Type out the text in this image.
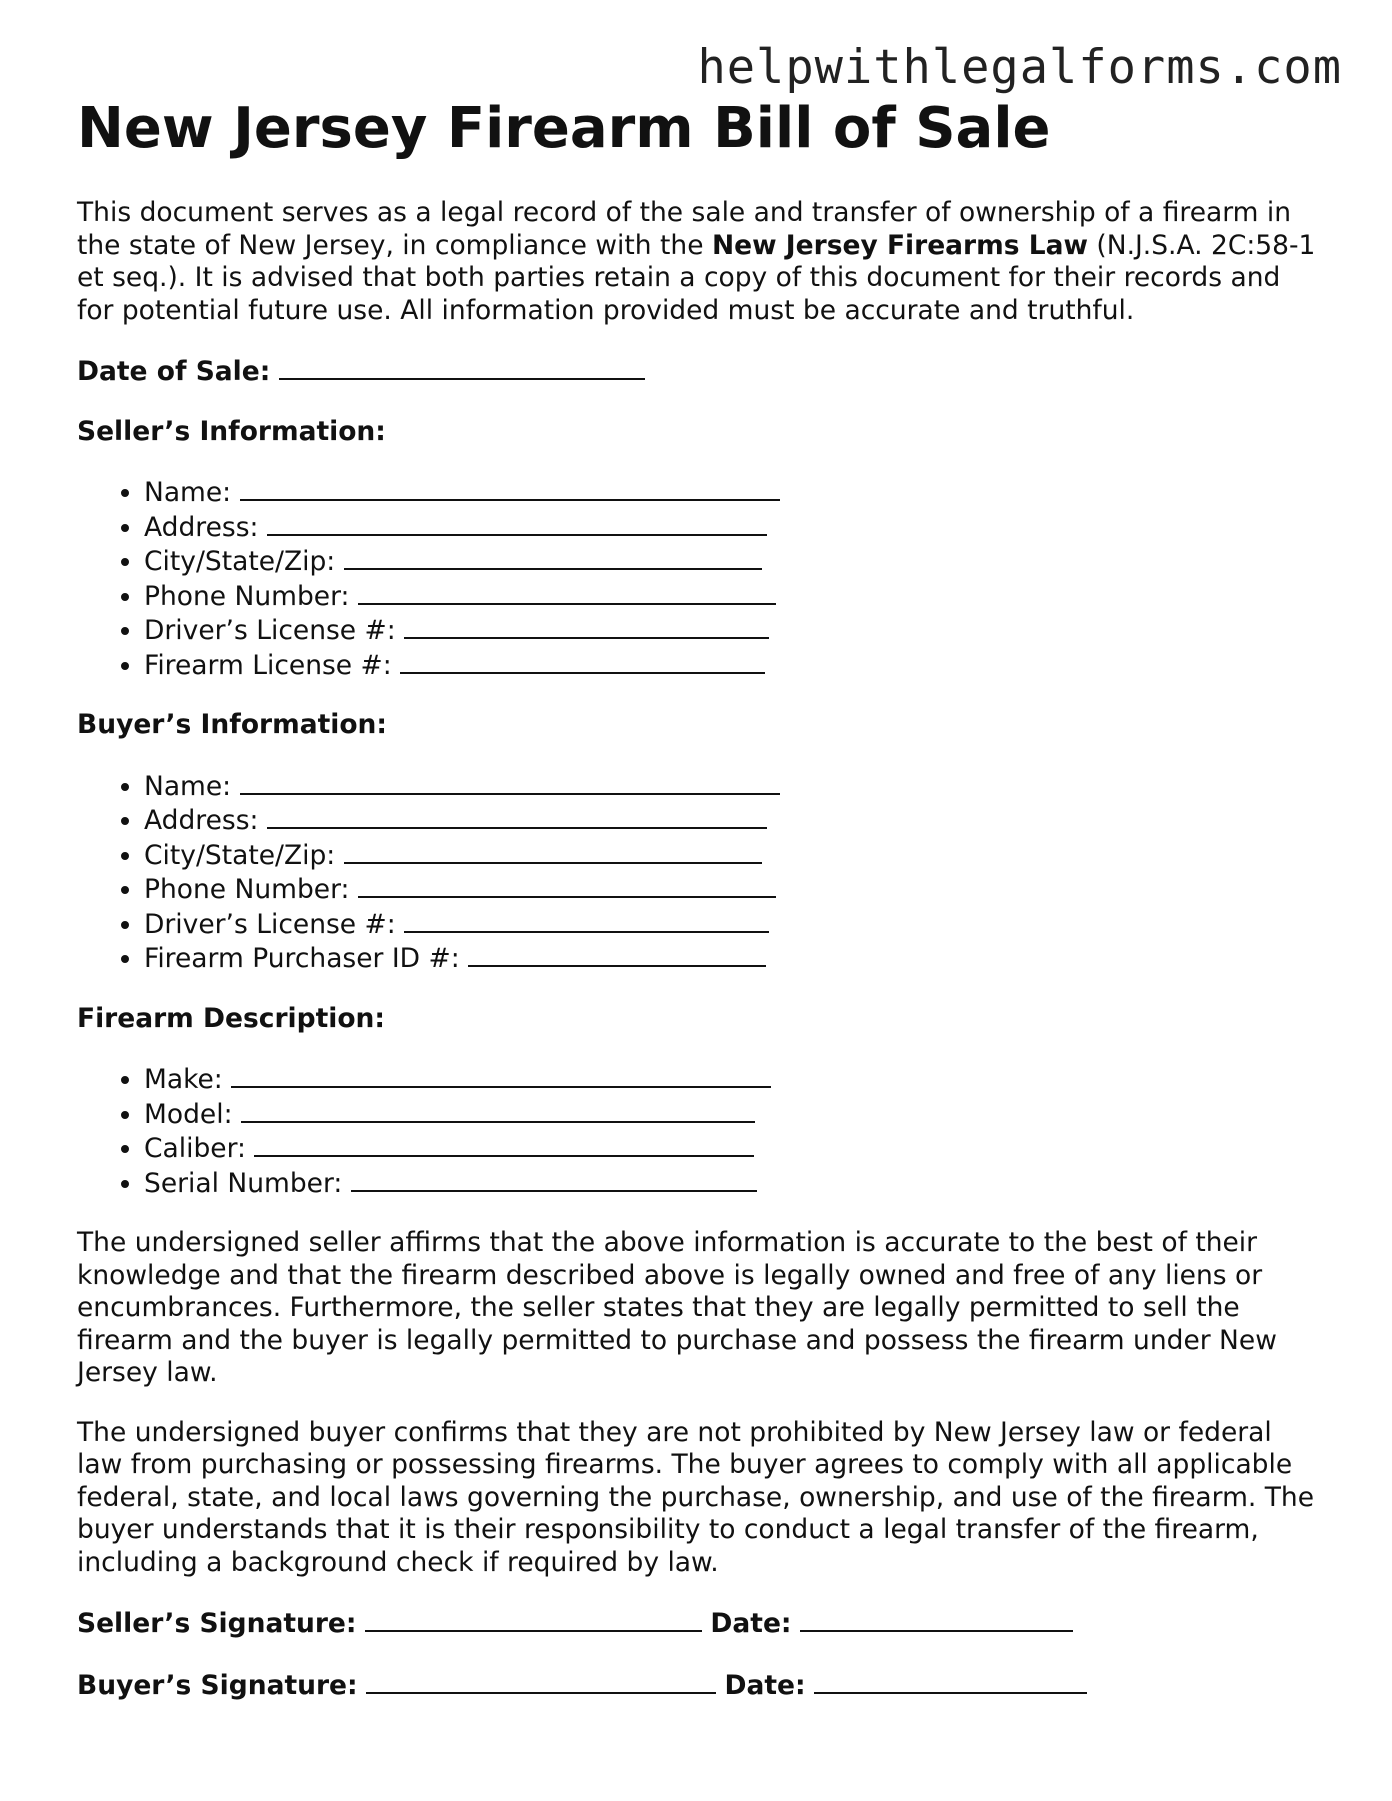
helpwithlegalforms.com
New Jersey Firearm Bill of Sale

This document serves as a legal record of the sale and transfer of ownership of a firearm in the state of New Jersey, in compliance with the New Jersey Firearms Law (N.J.S.A. 2C:58-1 et seq.). It is advised that both parties retain a copy of this document for their records and for potential future use. All information provided must be accurate and truthful.

Date of Sale:
Seller’s Information:
• Name:
• Address:
• City/State/Zip:
• Phone Number:
• Driver’s License #:
• Firearm License #:
Buyer’s Information:
• Name:
• Address:
• City/State/Zip:
• Phone Number:
• Driver’s License #:
• Firearm Purchaser ID #:
Firearm Description:
• Make:
• Model:
• Caliber:
• Serial Number:

The undersigned seller affirms that the above information is accurate to the best of their knowledge and that the firearm described above is legally owned and free of any liens or encumbrances. Furthermore, the seller states that they are legally permitted to sell the firearm and the buyer is legally permitted to purchase and possess the firearm under New Jersey law.

The undersigned buyer confirms that they are not prohibited by New Jersey law or federal law from purchasing or possessing firearms. The buyer agrees to comply with all applicable federal, state, and local laws governing the purchase, ownership, and use of the firearm. The buyer understands that it is their responsibility to conduct a legal transfer of the firearm, including a background check if required by law.

Seller’s Signature:	Date:
Buyer’s Signature:	Date:
